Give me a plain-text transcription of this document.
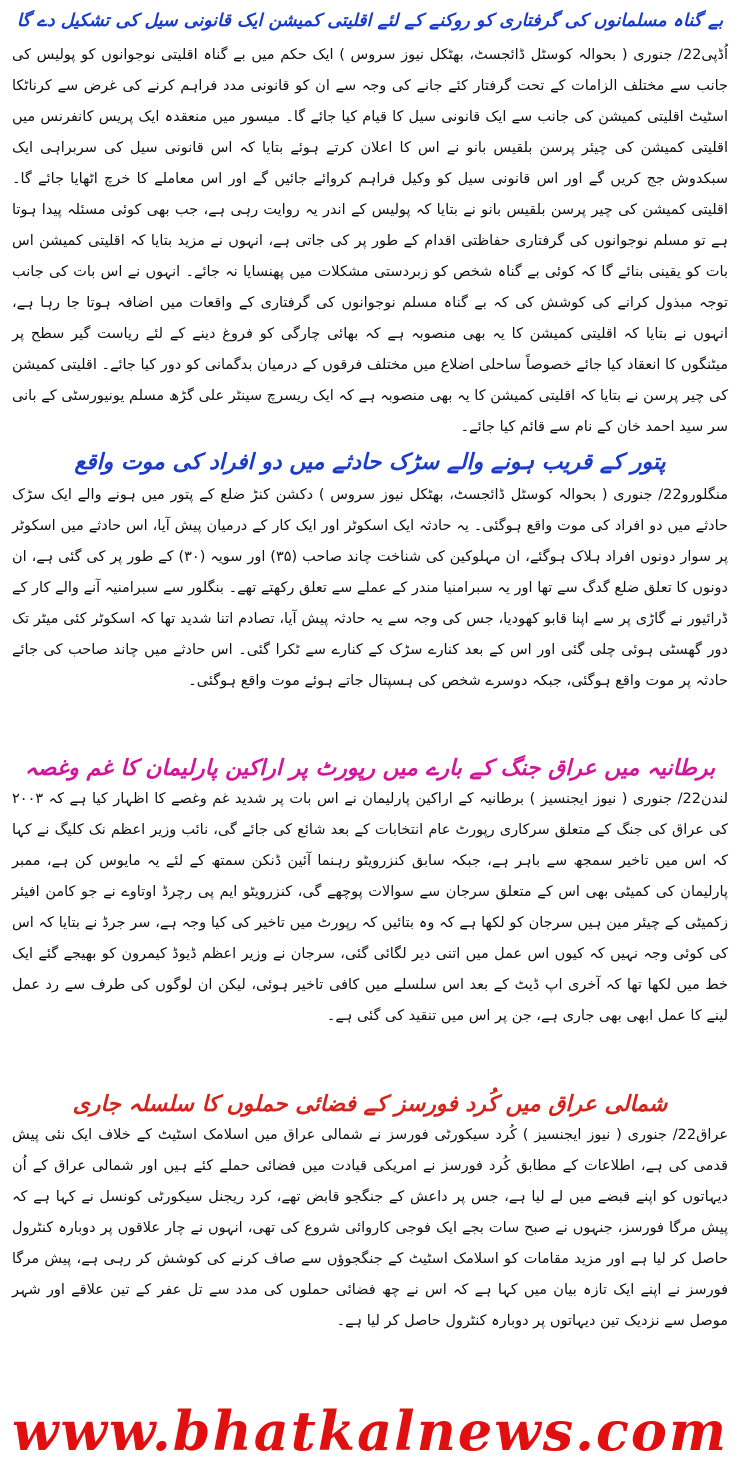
بے گناہ مسلمانوں کی گرفتاری کو روکنے کے لئے اقلیتی کمیشن ایک قانونی سیل کی تشکیل دے گا

اُڈپی22/ جنوری ( بحوالہ کوسٹل ڈائجسٹ، بھٹکل نیوز سروس ) ایک حکم میں بے گناہ اقلیتی نوجوانوں کو پولیس کی جانب سے مختلف الزامات کے تحت گرفتار کئے جانے کی وجہ سے ان کو قانونی مدد فراہم کرنے کی غرض سے کرناٹکا اسٹیٹ اقلیتی کمیشن کی جانب سے ایک قانونی سیل کا قیام کیا جائے گا۔ میسور میں منعقدہ ایک پریس کانفرنس میں اقلیتی کمیشن کی چیئر پرسن بلقیس بانو نے اس کا اعلان کرتے ہوئے بتایا کہ اس قانونی سیل کی سربراہی ایک سبکدوش جج کریں گے اور اس قانونی سیل کو وکیل فراہم کروائے جائیں گے اور اس معاملے کا خرچ اٹھایا جائے گا۔ اقلیتی کمیشن کی چیر پرسن بلقیس بانو نے بتایا کہ پولیس کے اندر یہ روایت رہی ہے، جب بھی کوئی مسئلہ پیدا ہوتا ہے تو مسلم نوجوانوں کی گرفتاری حفاظتی اقدام کے طور پر کی جاتی ہے، انہوں نے مزید بتایا کہ اقلیتی کمیشن اس بات کو یقینی بنائے گا کہ کوئی بے گناہ شخص کو زبردستی مشکلات میں پھنسایا نہ جائے۔ انہوں نے اس بات کی جانب توجہ مبذول کرانے کی کوشش کی کہ بے گناہ مسلم نوجوانوں کی گرفتاری کے واقعات میں اضافہ ہوتا جا رہا ہے، انہوں نے بتایا کہ اقلیتی کمیشن کا یہ بھی منصوبہ ہے کہ بھائی چارگی کو فروغ دینے کے لئے ریاست گیر سطح پر میٹنگوں کا انعقاد کیا جائے خصوصاً ساحلی اضلاع میں مختلف فرقوں کے درمیان بدگمانی کو دور کیا جائے۔ اقلیتی کمیشن کی چیر پرسن نے بتایا کہ اقلیتی کمیشن کا یہ بھی منصوبہ ہے کہ ایک ریسرچ سینٹر علی گڑھ مسلم یونیورسٹی کے بانی سر سید احمد خان کے نام سے قائم کیا جائے۔

پتور کے قریب ہونے والے سڑک حادثے میں دو افراد کی موت واقع

منگلورو22/ جنوری ( بحوالہ کوسٹل ڈائجسٹ، بھٹکل نیوز سروس ) دکشن کنڑ ضلع کے پتور میں ہونے والے ایک سڑک حادثے میں دو افراد کی موت واقع ہوگئی۔ یہ حادثہ ایک اسکوٹر اور ایک کار کے درمیان پیش آیا، اس حادثے میں اسکوٹر پر سوار دونوں افراد ہلاک ہوگئے، ان مہلوکین کی شناخت چاند صاحب (۳۵) اور سویہ (۳۰) کے طور پر کی گئی ہے، ان دونوں کا تعلق ضلع گدگ سے تھا اور یہ سبرامنیا مندر کے عملے سے تعلق رکھتے تھے۔ بنگلور سے سبرامنیہ آنے والے کار کے ڈرائیور نے گاڑی پر سے اپنا قابو کھودیا، جس کی وجہ سے یہ حادثہ پیش آیا، تصادم اتنا شدید تھا کہ اسکوٹر کئی میٹر تک دور گھسٹی ہوئی چلی گئی اور اس کے بعد کنارے سڑک کے کنارے سے ٹکرا گئی۔ اس حادثے میں چاند صاحب کی جائے حادثہ پر موت واقع ہوگئی، جبکہ دوسرے شخص کی ہسپتال جاتے ہوئے موت واقع ہوگئی۔

برطانیہ میں عراق جنگ کے بارے میں رپورٹ پر اراکین پارلیمان کا غم وغصہ

لندن22/ جنوری ( نیوز ایجنسیز ) برطانیہ کے اراکین پارلیمان نے اس بات پر شدید غم وغصے کا اظہار کیا ہے کہ ۲۰۰۳ کی عراق کی جنگ کے متعلق سرکاری رپورٹ عام انتخابات کے بعد شائع کی جائے گی، نائب وزیر اعظم نک کلیگ نے کہا کہ اس میں تاخیر سمجھ سے باہر ہے، جبکہ سابق کنزرویٹو رہنما آئین ڈنکن سمتھ کے لئے یہ مایوس کن ہے، ممبر پارلیمان کی کمیٹی بھی اس کے متعلق سرجان سے سوالات پوچھے گی، کنزرویٹو ایم پی رچرڈ اوتاوے نے جو کامن افیئر زکمیٹی کے چیئر مین ہیں سرجان کو لکھا ہے کہ وہ بتائیں کہ رپورٹ میں تاخیر کی کیا وجہ ہے، سر جرڈ نے بتایا کہ اس کی کوئی وجہ نہیں کہ کیوں اس عمل میں اتنی دیر لگائی گئی، سرجان نے وزیر اعظم ڈیوڈ کیمرون کو بھیجے گئے ایک خط میں لکھا تھا کہ آخری اپ ڈیٹ کے بعد اس سلسلے میں کافی تاخیر ہوئی، لیکن ان لوگوں کی طرف سے رد عمل لینے کا عمل ابھی بھی جاری ہے، جن پر اس میں تنقید کی گئی ہے۔

شمالی عراق میں کُرد فورسز کے فضائی حملوں کا سلسلہ جاری

عراق22/ جنوری ( نیوز ایجنسیز ) کُرد سیکورٹی فورسز نے شمالی عراق میں اسلامک اسٹیٹ کے خلاف ایک نئی پیش قدمی کی ہے، اطلاعات کے مطابق کُرد فورسز نے امریکی قیادت میں فضائی حملے کئے ہیں اور شمالی عراق کے اُن دیہاتوں کو اپنے قبضے میں لے لیا ہے، جس پر داعش کے جنگجو قابض تھے، کرد ریجنل سیکورٹی کونسل نے کہا ہے کہ پیش مرگا فورسز، جنہوں نے صبح سات بجے ایک فوجی کاروائی شروع کی تھی، انہوں نے چار علاقوں پر دوبارہ کنٹرول حاصل کر لیا ہے اور مزید مقامات کو اسلامک اسٹیٹ کے جنگجوؤں سے صاف کرنے کی کوشش کر رہی ہے، پیش مرگا فورسز نے اپنے ایک تازہ بیان میں کہا ہے کہ اس نے چھ فضائی حملوں کی مدد سے تل عفر کے تین علاقے اور شہر موصل سے نزدیک تین دیہاتوں پر دوبارہ کنٹرول حاصل کر لیا ہے۔

www.bhatkalnews.com
